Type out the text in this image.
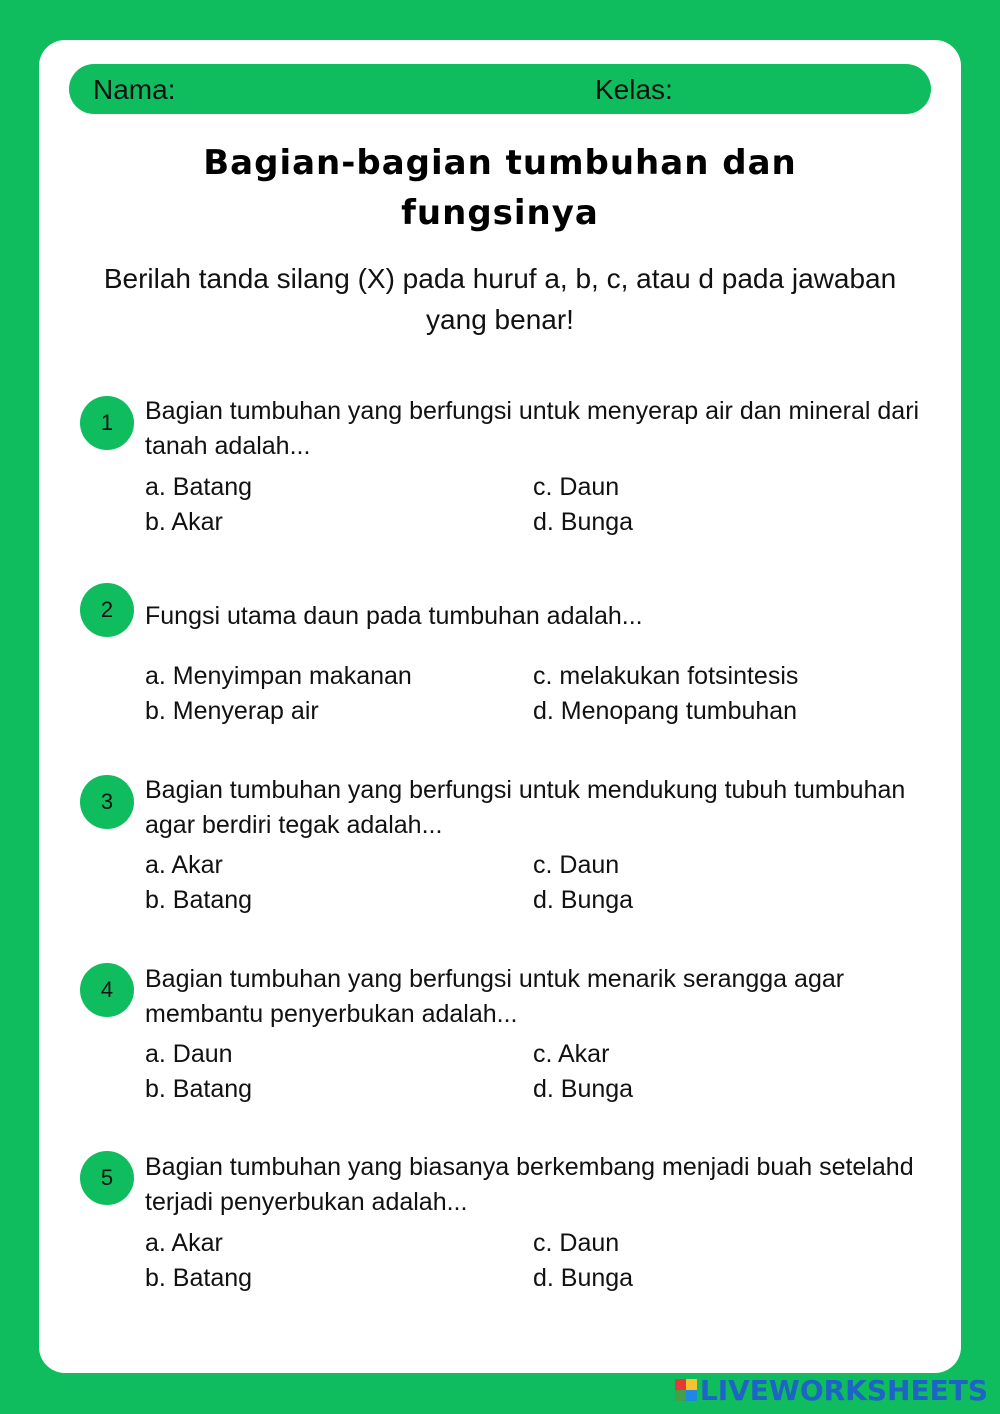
Nama:	Kelas:
Bagian-bagian tumbuhan dan
fungsinya
Berilah tanda silang (X) pada huruf a, b, c, atau d pada jawaban yang benar!
1	Bagian tumbuhan yang berfungsi untuk menyerap air dan mineral dari tanah adalah...
a. Batang
b. Akar
c. Daun
d. Bunga
2	Fungsi utama daun pada tumbuhan adalah...
a. Menyimpan makanan
b. Menyerap air
c. melakukan fotsintesis
d. Menopang tumbuhan
3	Bagian tumbuhan yang berfungsi untuk mendukung tubuh tumbuhan agar berdiri tegak adalah...
a. Akar
b. Batang
c. Daun
d. Bunga
4	Bagian tumbuhan yang berfungsi untuk menarik serangga agar membantu penyerbukan adalah...
a. Daun
b. Batang
c. Akar
d. Bunga
5	Bagian tumbuhan yang biasanya berkembang menjadi buah setelahd terjadi penyerbukan adalah...
a. Akar
b. Batang
c. Daun
d. Bunga
LIVEWORKSHEETS
